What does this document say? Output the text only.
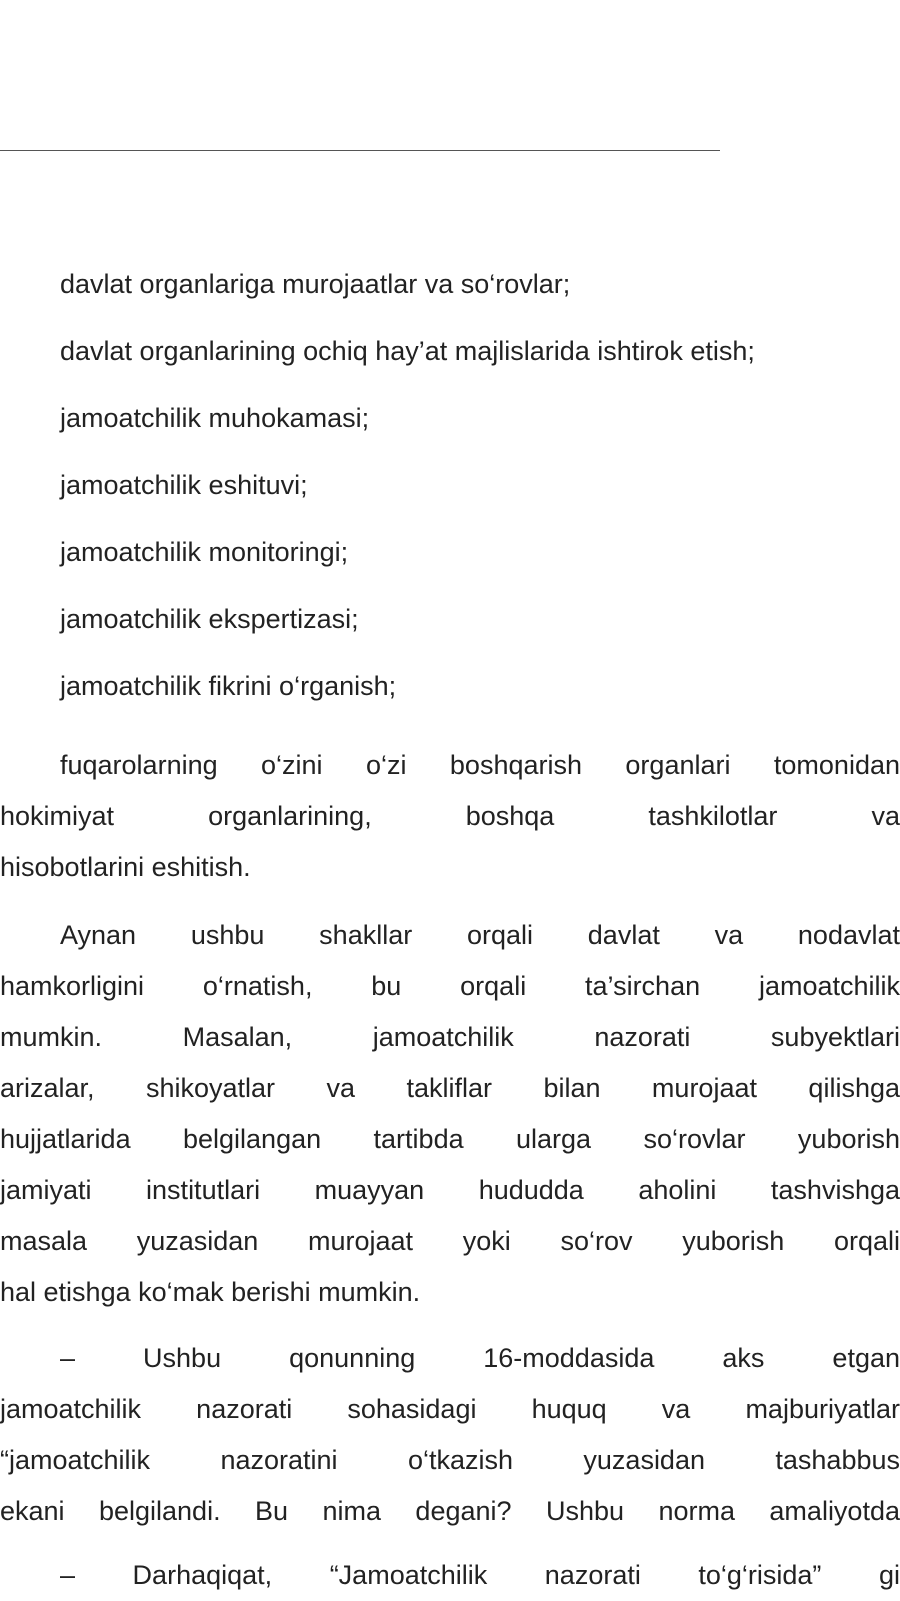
davlat organlariga murojaatlar va so‘rovlar;
davlat organlarining ochiq hay’at majlislarida ishtirok etish;
jamoatchilik muhokamasi;
jamoatchilik eshituvi;
jamoatchilik monitoringi;
jamoatchilik ekspertizasi;
jamoatchilik fikrini o‘rganish;
fuqarolarning o‘zini o‘zi boshqarish organlari tomonidan
hokimiyat organlarining, boshqa tashkilotlar va
hisobotlarini eshitish.
Aynan ushbu shakllar orqali davlat va nodavlat
hamkorligini o‘rnatish, bu orqali ta’sirchan jamoatchilik
mumkin. Masalan, jamoatchilik nazorati subyektlari
arizalar, shikoyatlar va takliflar bilan murojaat qilishga
hujjatlarida belgilangan tartibda ularga so‘rovlar yuborish
jamiyati institutlari muayyan hududda aholini tashvishga
masala yuzasidan murojaat yoki so‘rov yuborish orqali
hal etishga ko‘mak berishi mumkin.
– Ushbu qonunning 16-moddasida aks etgan
jamoatchilik nazorati sohasidagi huquq va majburiyatlar
“jamoatchilik nazoratini o‘tkazish yuzasidan tashabbus
ekani belgilandi. Bu nima degani? Ushbu norma amaliyotda
– Darhaqiqat, “Jamoatchilik nazorati to‘g‘risida” gi
